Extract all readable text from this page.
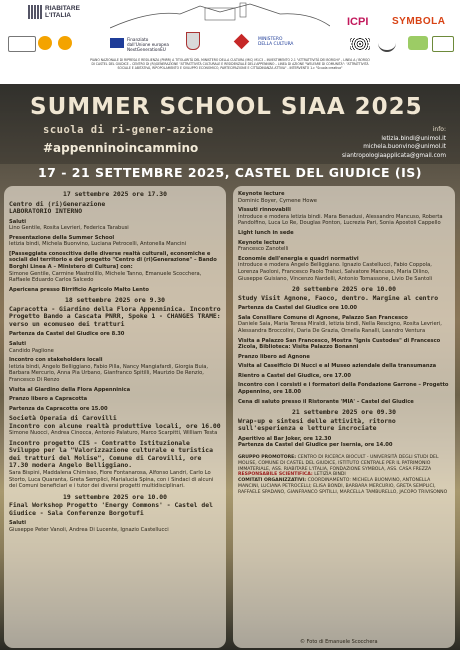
RIABITARE
L'ITALIA
ICPI SYMBOLA
Finanziato dall'Unione europea
NextGenerationEU
MINISTERO DELLA CULTURA
PIANO NAZIONALE DI RIPRESA E RESILIENZA (PNRR) A TITOLARITÀ DEL MINISTERO DELLA CULTURA (MiC) M1C3 – INVESTIMENTO 2.1 "ATTRATTIVITÀ DEI BORGHI" - LINEA A / BORGO DI CASTEL DEL GIUDICE – CENTRO DI (RI)GENERAZIONE "ATTRATTIVITÀ CULTURALE E RESIDENZIALE DELL'APPENNINO – LINEA DI AZIONE "WELFARE DI COMUNITÀ": "ATTRATTIVITÀ SOCIALE E ABITATIVA, RIPOPOLAMENTO E SVILUPPO ECONOMICO, PARTECIPAZIONE E CITTADINANZA ATTIVA" - INTERVENTO 1.c "Scuola creativa"
SUMMER SCHOOL SIAA 2025
scuola di ri-gener-azione
#appenninoincammino
17 - 21 SETTEMBRE 2025, CASTEL DEL GIUDICE (IS)
info:
letizia.bindi@unimol.it
michela.buonvino@unimol.it
siantropologiaapplicata@gmail.com
17 settembre 2025 ore 17.30
Centro di (ri)Generazione
LABORATORIO INTERNO
Saluti
Lino Gentile, Rosita Levrieri, Federica Tarabusi
Presentazione della Summer School
letizia bindi, Michela Buonvino, Luciana Petrocelli, Antonella Mancini
[Passeggiata conoscitiva delle diverse realtà culturali, economiche e sociali del territorio e del progetto "Centro di (ri)Generazione" – Bando Borghi Linea A – Ministero di Cultura] con:
Simone Gentile, Carmine Mastrolillo, Michele Tanno, Emanuele Scocchera, Raffaele Eduardo Carlos Salcedo
Apericena presso Birrificio Agricolo Malto Lento
18 settembre 2025 ore 9.30
Capracotta - Giardino della Flora Appenninica. Incontro Progetto Bando a Cascata PNRR, Spoke 1 - CHANGES TRAME: verso un ecomuseo dei tratturi
Partenza da Castel del Giudice ore 8.30
Saluti
Candido Paglione
Incontro con stakeholders locali
letizia bindi, Angelo Belliggiano, Fabio Pilla, Nancy Mangiafardi, Giorgia Buia, Barbara Mercurio, Anna Pia Urbano, Gianfranco Spitilli, Maurizio De Renzio, Francesco Di Renzo
Visita al Giardino della Flora Appenninica
Pranzo libero a Capracotta
Partenza da Capracotta ore 15.00
Società Operaia di Carovilli
Incontro con alcune realtà produttive locali, ore 16.00
Simone Nuocci, Andrea Cinocca, Antonio Palaturo, Marco Scarpitti, William Testa
Incontro progetto CIS - Contratto Istituzionale Sviluppo per la "Valorizzazione culturale e turistica dei tratturi del Molise", Comune di Carovilli, ore 17.30 modera Angelo Belliggiano.
Sara Bispini, Maddalena Chimisso, Fiore Fontanarosa, Alfonso Landri, Carlo Lo Storto, Luca Quaranta, Greta Semplici, Marialucia Spina, con i Sindaci di alcuni dei Comuni beneficiari e i tutor dei diversi progetti multidisciplinari.
19 settembre 2025 ore 10.00
Final Workshop Progetto 'Energy Commons' - Castel del Giudice - Sala Conferenze Borgotufi
Saluti
Giuseppe Peter Vanoli, Andrea Di Lucente, Ignazio Castellucci
Keynote lecture
Dominic Boyer, Cymene Howe
Vissuti rinnovabili
introduce e modera letizia bindi. Mara Benadusi, Alessandro Mancuso, Roberta Pandolfino, Luca Lo Re, Douglas Ponton, Lucrezia Pari, Sonia Apostoli Cappello
Light lunch in sede
Keynote lecture
Francesco Zanotelli
Economie dell'energia e quadri normativi
introduce e modera Angelo Belliggiano. Ignazio Castellucci, Fabio Coppola, Lorenza Paoloni, Francesco Paolo Traisci, Salvatore Mancuso, Maria Dilino, Giuseppe Guisiano, Vincenzo Nardelli, Antonio Tomassone, Livio De Santoli
20 settembre 2025 ore 10.00
Study Visit Agnone, Faoco, dentro. Margine al centro
Partenza da Castel del Giudice ore 10.00
Sala Consiliare Comune di Agnone, Palazzo San Francesco
Daniele Saia, Maria Teresa Miraldi, letizia bindi, Nella Rescigno, Rosita Levrieri, Alessandra Broccolini, Daria De Grazia, Ornella Ranalli, Leandro Ventura
Visita a Palazzo San Francesco, Mostra "Ignis Custodes" di Francesco Zicola, Biblioteca: Visita Palazzo Bonanni
Pranzo libero ad Agnone
Visita al Caseificio Di Nucci e al Museo aziendale della transumanza
Rientro a Castel del Giudice, ore 17.00
Incontro con i corsisti e i formatori della Fondazione Garrone – Progetto Appennino, ore 18.00
Cena di saluto presso il Ristorante 'MIA' – Castel del Giudice
21 settembre 2025 ore 09.30
Wrap-up e sintesi delle attività, ritorno sull'esperienza e letture incrociate
Aperitivo al Bar Joker, ore 12.30
Partenza da Castel del Giudice per Isernia, ore 14.00
GRUPPO PROMOTORE: CENTRO DI RICERCA BIOCULT - UNIVERSITÀ DEGLI STUDI DEL MOLISE, COMUNE DI CASTEL DEL GIUDICE, ISTITUTO CENTRALE PER IL PATRIMONIO IMMATERIALE, ASS. RIABITARE L'ITALIA, FONDAZIONE SYMBOLA, ASS. CASA FREZZA
RESPONSABILE SCIENTIFICA: LETIZIA BINDI
COMITATI ORGANIZZATIVI: COORDINAMENTO: MICHELA BUONVINO, ANTONELLA MANCINI, LUCIANA PETROCELLI; ELISA BONDI, BARBARA MERCURIO, GRETA SEMPLICI, RAFFAELE SPADANO, GIANFRANCO SPITILLI, MARCELLA TAMBURELLO, JACOPO TRIVISONNO
© Foto di Emanuele Scocchera
